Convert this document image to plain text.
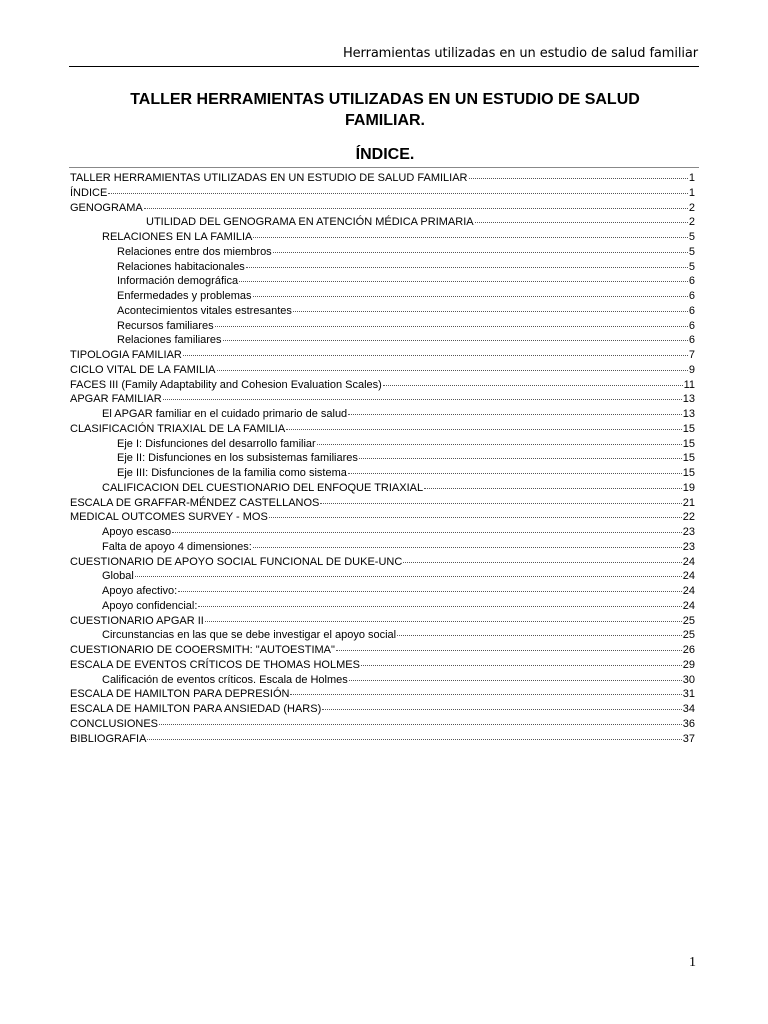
Herramientas utilizadas en un estudio de salud familiar
TALLER HERRAMIENTAS UTILIZADAS EN UN ESTUDIO DE SALUD
FAMILIAR.
ÍNDICE.
TALLER HERRAMIENTAS UTILIZADAS EN UN ESTUDIO DE SALUD FAMILIAR	1
ÍNDICE	1
GENOGRAMA	2
UTILIDAD DEL GENOGRAMA EN ATENCIÓN MÉDICA PRIMARIA	2
RELACIONES EN LA FAMILIA	5
Relaciones entre dos miembros	5
Relaciones habitacionales	5
Información demográfica	6
Enfermedades y problemas	6
Acontecimientos vitales estresantes	6
Recursos familiares	6
Relaciones familiares	6
TIPOLOGIA FAMILIAR	7
CICLO VITAL DE LA FAMILIA	9
FACES III (Family Adaptability and Cohesion Evaluation Scales)	11
APGAR FAMILIAR	13
El APGAR familiar en el cuidado primario de salud	13
CLASIFICACIÓN TRIAXIAL DE LA FAMILIA	15
Eje I: Disfunciones del desarrollo familiar	15
Eje II: Disfunciones en los subsistemas familiares	15
Eje III: Disfunciones de la familia como sistema	15
CALIFICACION DEL CUESTIONARIO DEL ENFOQUE TRIAXIAL	19
ESCALA DE GRAFFAR-MÉNDEZ CASTELLANOS	21
MEDICAL OUTCOMES SURVEY - MOS	22
Apoyo escaso	23
Falta de apoyo 4 dimensiones:	23
CUESTIONARIO DE APOYO SOCIAL FUNCIONAL DE DUKE-UNC	24
Global	24
Apoyo afectivo:	24
Apoyo confidencial:	24
CUESTIONARIO APGAR II	25
Circunstancias en las que se debe investigar el apoyo social	25
CUESTIONARIO DE COOERSMITH: "AUTOESTIMA"	26
ESCALA DE EVENTOS CRÍTICOS DE THOMAS HOLMES	29
Calificación de eventos críticos. Escala de Holmes	30
ESCALA DE HAMILTON PARA DEPRESIÓN	31
ESCALA DE HAMILTON PARA ANSIEDAD (HARS)	34
CONCLUSIONES	36
BIBLIOGRAFIA	37
1
